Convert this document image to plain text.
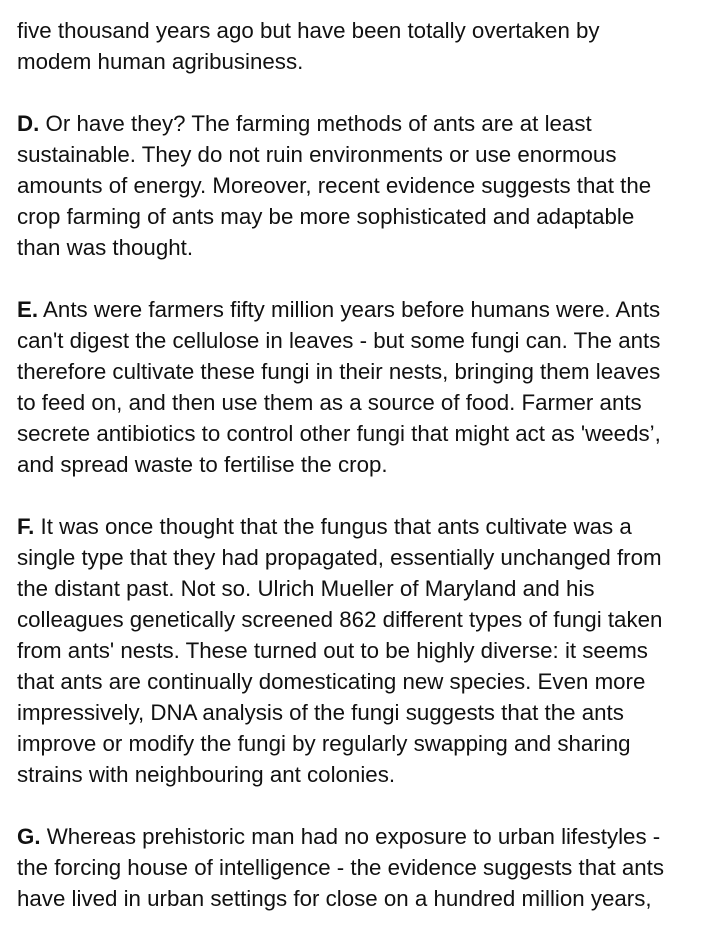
five thousand years ago but have been totally overtaken by
modem human agribusiness.

D. Or have they? The farming methods of ants are at least
sustainable. They do not ruin environments or use enormous
amounts of energy. Moreover, recent evidence suggests that the
crop farming of ants may be more sophisticated and adaptable
than was thought.

E. Ants were farmers fifty million years before humans were. Ants
can't digest the cellulose in leaves - but some fungi can. The ants
therefore cultivate these fungi in their nests, bringing them leaves
to feed on, and then use them as a source of food. Farmer ants
secrete antibiotics to control other fungi that might act as 'weeds’,
and spread waste to fertilise the crop.

F. It was once thought that the fungus that ants cultivate was a
single type that they had propagated, essentially unchanged from
the distant past. Not so. Ulrich Mueller of Maryland and his
colleagues genetically screened 862 different types of fungi taken
from ants' nests. These turned out to be highly diverse: it seems
that ants are continually domesticating new species. Even more
impressively, DNA analysis of the fungi suggests that the ants
improve or modify the fungi by regularly swapping and sharing
strains with neighbouring ant colonies.

G. Whereas prehistoric man had no exposure to urban lifestyles -
the forcing house of intelligence - the evidence suggests that ants
have lived in urban settings for close on a hundred million years,
